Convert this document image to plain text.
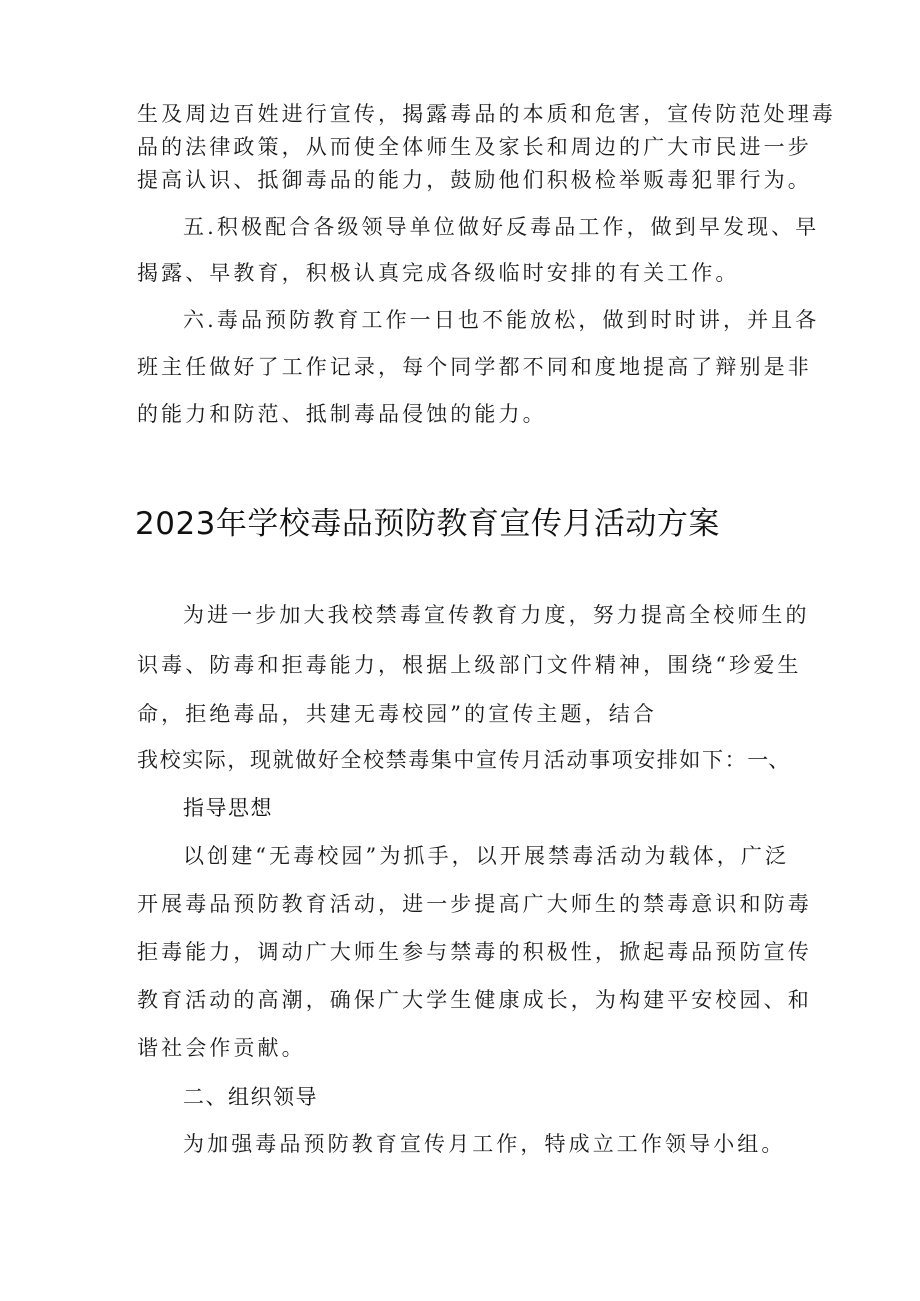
生及周边百姓进行宣传，揭露毒品的本质和危害，宣传防范处理毒
品的法律政策，从而使全体师生及家长和周边的广大市民进一步
提高认识、抵御毒品的能力，鼓励他们积极检举贩毒犯罪行为。
五.积极配合各级领导单位做好反毒品工作，做到早发现、早
揭露、早教育，积极认真完成各级临时安排的有关工作。
六.毒品预防教育工作一日也不能放松，做到时时讲，并且各
班主任做好了工作记录，每个同学都不同和度地提高了辩别是非
的能力和防范、抵制毒品侵蚀的能力。
2023年学校毒品预防教育宣传月活动方案
为进一步加大我校禁毒宣传教育力度，努力提高全校师生的
识毒、防毒和拒毒能力，根据上级部门文件精神，围绕“珍爱生
命，拒绝毒品，共建无毒校园”的宣传主题，结合
我校实际，现就做好全校禁毒集中宣传月活动事项安排如下：一、
指导思想
以创建“无毒校园”为抓手，以开展禁毒活动为载体，广泛
开展毒品预防教育活动，进一步提高广大师生的禁毒意识和防毒
拒毒能力，调动广大师生参与禁毒的积极性，掀起毒品预防宣传
教育活动的高潮，确保广大学生健康成长，为构建平安校园、和
谐社会作贡献。
二、组织领导
为加强毒品预防教育宣传月工作，特成立工作领导小组。
